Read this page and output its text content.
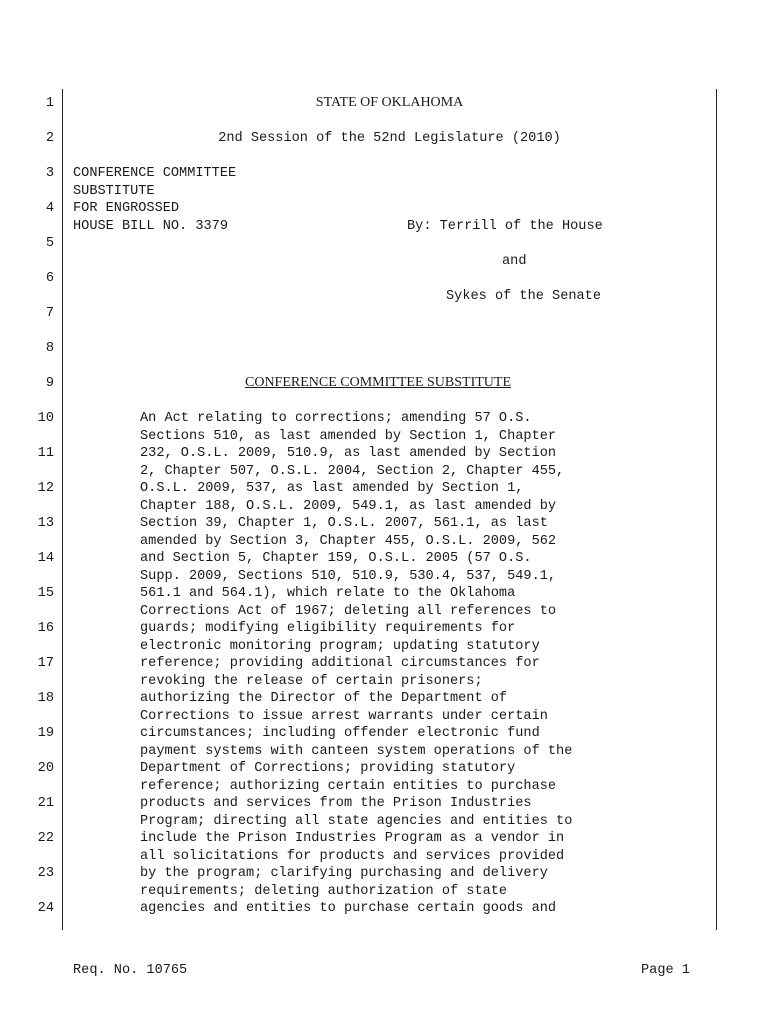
1
2
3
4
5
6
7
8
9
10
11
12
13
14
15
16
17
18
19
20
21
22
23
24
STATE OF OKLAHOMA
2nd Session of the 52nd Legislature (2010)
CONFERENCE COMMITTEE
SUBSTITUTE
FOR ENGROSSED
HOUSE BILL NO. 3379	By: Terrill of the House
and
Sykes of the Senate
CONFERENCE COMMITTEE SUBSTITUTE
An Act relating to corrections; amending 57 O.S.
Sections 510, as last amended by Section 1, Chapter
232, O.S.L. 2009, 510.9, as last amended by Section
2, Chapter 507, O.S.L. 2004, Section 2, Chapter 455,
O.S.L. 2009, 537, as last amended by Section 1,
Chapter 188, O.S.L. 2009, 549.1, as last amended by
Section 39, Chapter 1, O.S.L. 2007, 561.1, as last
amended by Section 3, Chapter 455, O.S.L. 2009, 562
and Section 5, Chapter 159, O.S.L. 2005 (57 O.S.
Supp. 2009, Sections 510, 510.9, 530.4, 537, 549.1,
561.1 and 564.1), which relate to the Oklahoma
Corrections Act of 1967; deleting all references to
guards; modifying eligibility requirements for
electronic monitoring program; updating statutory
reference; providing additional circumstances for
revoking the release of certain prisoners;
authorizing the Director of the Department of
Corrections to issue arrest warrants under certain
circumstances; including offender electronic fund
payment systems with canteen system operations of the
Department of Corrections; providing statutory
reference; authorizing certain entities to purchase
products and services from the Prison Industries
Program; directing all state agencies and entities to
include the Prison Industries Program as a vendor in
all solicitations for products and services provided
by the program; clarifying purchasing and delivery
requirements; deleting authorization of state
agencies and entities to purchase certain goods and
Req. No. 10765	Page 1
